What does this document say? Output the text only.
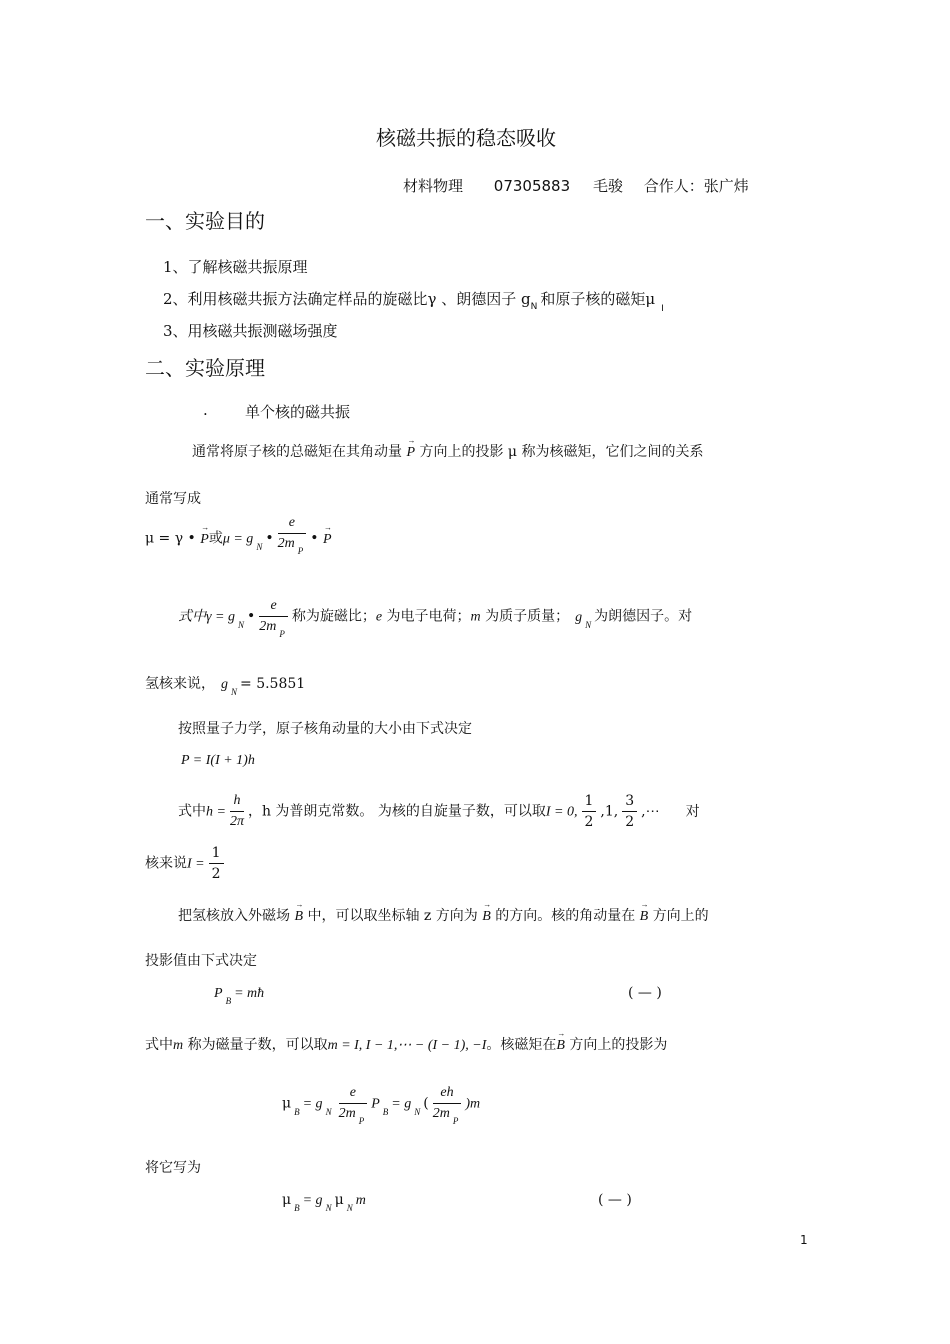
核磁共振的稳态吸收
材料物理 07305883 毛骏 合作人：张广炜
一、实验目的
1、了解核磁共振原理
2、利用核磁共振方法确定样品的旋磁比γ 、朗德因子 $g_N$ 和原子核的磁矩$\mu_I$
3、用核磁共振测磁场强度
二、实验原理
. 单个核的磁共振
通常将原子核的总磁矩在其角动量 → P 方向上的投影 μ 称为核磁矩，它们之间的关系
通常写成
μ = γ • → P或μ = g $_N$ • $\frac{e}{2m _P}$ • → P
式中γ = g $_N$ • $\frac{e}{2m _P}$ 称为旋磁比；e 为电子电荷；m 为质子质量； g $_N$ 为朗德因子。对
氢核来说， g $_N$ = 5.5851
按照量子力学，原子核角动量的大小由下式决定
P = I(I + 1)h
式中$h = \frac{h}{2\pi}$ ，h 为普朗克常数。 为核的自旋量子数，可以取I = 0, $\frac{1}{2} ,1$, $\frac{3}{2}$ ,⋯ 对
核来说$I = \frac{1}{2}$
把氢核放入外磁场 → B 中，可以取坐标轴 z 方向为 → B 的方向。核的角动量在 → B 方向上的
投影值由下式决定
P $_B$ = mħ	( — )
式中m 称为磁量子数，可以取m = I, I − 1,⋯ − (I − 1), −I。核磁矩在→ B 方向上的投影为
μ $_B$ = g $_N \frac{e}{2m _P}$ P $_B$ = g $_N$ ( $\frac{eh}{2m _P} )m$
将它写为
μ $_B$ = g $_N$ μ $_N$ m	( — )
1
